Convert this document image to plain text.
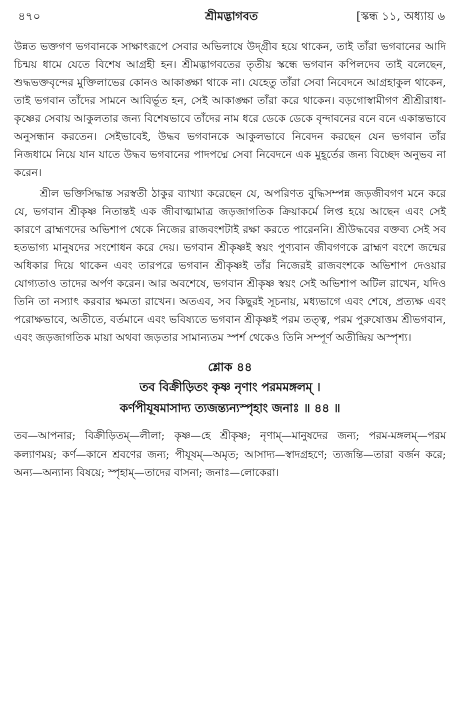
৪৭০	শ্রীমদ্ভাগবত	[স্কন্ধ ১১, অধ্যায় ৬

উন্নত ভক্তগণ ভগবানকে সাক্ষাৎরূপে সেবার অভিলাষে উদ্‌গ্রীব হয়ে থাকেন, তাই তাঁরা ভগবানের আদি চিন্ময় ধামে যেতে বিশেষ আগ্রহী হন। শ্রীমদ্ভাগবতের তৃতীয় স্কন্ধে ভগবান কপিলদেব তাই বলেছেন, শুদ্ধভক্তবৃন্দের মুক্তিলাভের কোনও আকাঙ্ক্ষা থাকে না। যেহেতু তাঁরা সেবা নিবেদনে আগ্রহাকুল থাকেন, তাই ভগবান তাঁদের সামনে আবির্ভূত হন, সেই আকাঙ্ক্ষা তাঁরা করে থাকেন। বড়গোস্বামীগণ শ্রীশ্রীরাধা-কৃষ্ণের সেবায় আকুলতার জন্য বিশেষভাবে তাঁদের নাম ধরে ডেকে ডেকে বৃন্দাবনের বনে বনে একান্তভাবে অনুসন্ধান করতেন। সেইভাবেই, উদ্ধব ভগবানকে আকুলভাবে নিবেদন করছেন যেন ভগবান তাঁর নিজধামে নিয়ে যান যাতে উদ্ধব ভগবানের পাদপদ্মে সেবা নিবেদনে এক মুহূর্তের জন্য বিচ্ছেদ অনুভব না করেন।

শ্রীল ভক্তিসিদ্ধান্ত সরস্বতী ঠাকুর ব্যাখ্যা করেছেন যে, অপরিণত বুদ্ধিসম্পন্ন জড়জীবগণ মনে করে যে, ভগবান শ্রীকৃষ্ণ নিতান্তই এক জীবাত্মামাত্র জড়জাগতিক ক্রিয়াকর্মে লিপ্ত হয়ে আছেন এবং সেই কারণে ব্রাহ্মণদের অভিশাপ থেকে নিজের রাজবংশটাই রক্ষা করতে পারেননি। শ্রীউদ্ধবের বক্তব্য সেই সব হতভাগ্য মানুষদের সংশোধন করে দেয়। ভগবান শ্রীকৃষ্ণই স্বয়ং পুণ্যবান জীবগণকে ব্রাহ্মণ বংশে জন্মের অধিকার দিয়ে থাকেন এবং তারপরে ভগবান শ্রীকৃষ্ণই তাঁর নিজেরই রাজবংশকে অভিশাপ দেওয়ার যোগ্যতাও তাদের অর্পণ করেন। আর অবশেষে, ভগবান শ্রীকৃষ্ণ স্বয়ং সেই অভিশাপ অটিল রাখেন, যদিও তিনি তা নস্যাৎ করবার ক্ষমতা রাখেন। অতএব, সব কিছুরই সূচনায়, মধ্যভাগে এবং শেষে, প্রত্যক্ষ এবং পরোক্ষভাবে, অতীতে, বর্তমানে এবং ভবিষ্যতে ভগবান শ্রীকৃষ্ণই পরম তত্ত্ব, পরম পুরুষোত্তম শ্রীভগবান, এবং জড়জাগতিক মায়া অথবা জড়তার সামান্যতম স্পর্শ থেকেও তিনি সম্পূর্ণ অতীন্দ্রিয় অস্পৃশ্য।

শ্লোক ৪৪
তব বিক্রীড়িতং কৃষ্ণ নৃণাং পরমমঙ্গলম্ ।
কর্ণপীযূষমাসাদ্য ত্যজন্ত্যন্যস্পৃহাং জনাঃ ॥ ৪৪ ॥

তব—আপনার; বিক্রীড়িতম্—লীলা; কৃষ্ণ—হে শ্রীকৃষ্ণ; নৃণাম্—মানুষদের জন্য; পরম-মঙ্গলম্—পরম কল্যাণময়; কর্ণ—কানে শ্রবণের জন্য; পীযূষম্—অমৃত; আসাদ্য—স্বাদগ্রহণে; ত্যজন্তি—তারা বর্জন করে; অন্য—অন্যান্য বিষয়ে; স্পৃহাম্—তাদের বাসনা; জনাঃ—লোকেরা।
